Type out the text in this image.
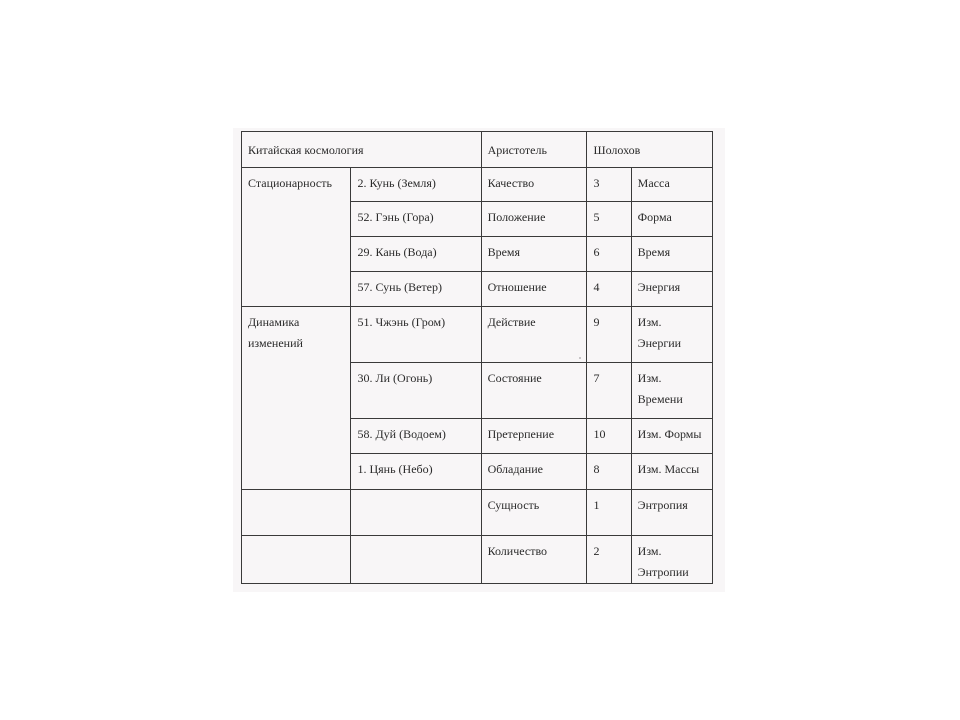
Китайская космология		Аристотель	Шолохов		
Стационарность	2. Кунь (Земля)	Качество	3	Масса	
	52. Гэнь (Гора)	Положение	5	Форма	
	29. Кань (Вода)	Время	6	Время	
	57. Сунь (Ветер)	Отношение	4	Энергия	
Динамика изменений	51. Чжэнь (Гром)	Действие	9	Изм. Энергии	
	30. Ли (Огонь)	Состояние	7	Изм. Времени	
	58. Дуй (Водоем)	Претерпение	10	Изм. Формы	
	1. Цянь (Небо)	Обладание	8	Изм. Массы	
		Сущность	1	Энтропия	
		Количество	2	Изм. Энтропии	
